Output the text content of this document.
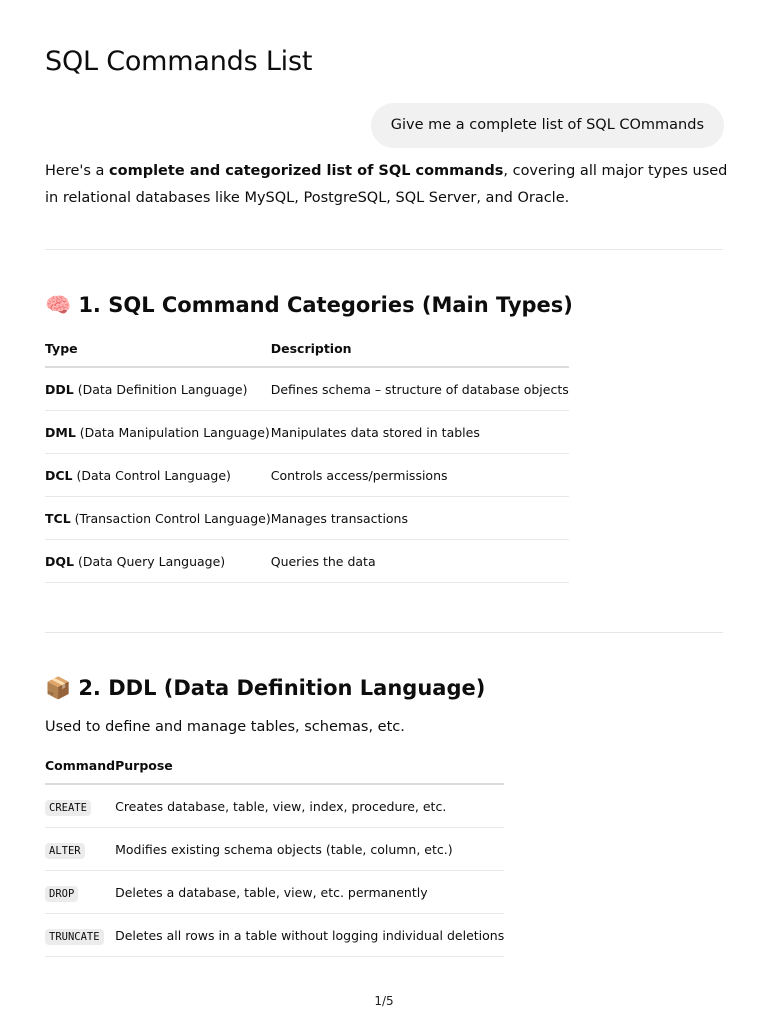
SQL Commands List
Give me a complete list of SQL COmmands

Here's a complete and categorized list of SQL commands, covering all major types used in relational databases like MySQL, PostgreSQL, SQL Server, and Oracle.

🧠 1. SQL Command Categories (Main Types)
Type	Description
DDL (Data Definition Language)	Defines schema – structure of database objects
DML (Data Manipulation Language)	Manipulates data stored in tables
DCL (Data Control Language)	Controls access/permissions
TCL (Transaction Control Language)	Manages transactions
DQL (Data Query Language)	Queries the data
📦 2. DDL (Data Definition Language)

Used to define and manage tables, schemas, etc.

Command	Purpose
CREATE	Creates database, table, view, index, procedure, etc.
ALTER	Modifies existing schema objects (table, column, etc.)
DROP	Deletes a database, table, view, etc. permanently
TRUNCATE	Deletes all rows in a table without logging individual deletions
1/5
